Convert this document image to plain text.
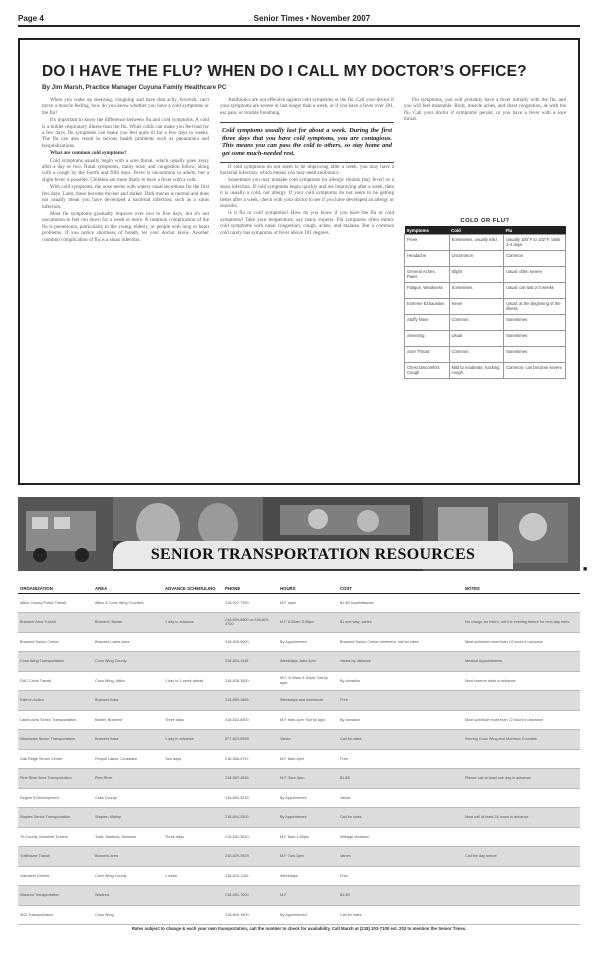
Page 4	Senior Times • November 2007
DO I HAVE THE FLU? WHEN DO I CALL MY DOCTOR’S OFFICE?
By Jim Marsh, Practice Manager Cuyuna Family Healthcare PC

When you wake up sneezing, coughing and have that achy, feverish, can't move a muscle feeling, how do you know whether you have a cold symptoms or the flu?

It's important to know the difference between flu and cold symptoms. A cold is a milder respiratory illness than the flu. While colds can make you feel bad for a few days, flu symptoms can make you feel quite ill for a few days to weeks. The flu can also result in serious health problems such as pneumonia and hospitalizations.

What are common cold symptoms?

Cold symptoms usually begin with a sore throat, which usually goes away after a day or two. Nasal symptoms, runny nose, and congestion follow, along with a cough by the fourth and fifth days. Fever is uncommon in adults, but a slight fever is possible. Children are more likely to have a fever with a cold.

With cold symptoms, the nose teems with watery nasal secretions for the first few days. Later, these become thicker and darker. Dark mucus is normal and does not usually mean you have developed a bacterial infection, such as a sinus infection.

Most flu symptoms gradually improve over two to five days, but it's not uncommon to feel run down for a week or more. A common complication of the flu is pneumonia, particularly in the young, elderly, or people with lung or heart problems. If you notice shortness of breath, let your doctor know. Another common complication of flu is a sinus infection.

Antibiotics are not effective against cold symptoms or the flu. Call your doctor if your symptoms are severe or last longer than a week, or if you have a fever over 101, ear pain, or trouble breathing.

Cold symptoms usually last for about a week. During the first three days that you have cold symptoms, you are contagious. This means you can pass the cold to others, so stay home and get some much-needed rest.

If cold symptoms do not seem to be improving after a week, you may have a bacterial infection, which means you may need antibiotics.

Sometimes you may mistake cold symptoms for allergic rhinitis (hay fever) or a sinus infection. If cold symptoms begin quickly and are improving after a week, then it is usually a cold, not allergy. If your cold symptoms do not seem to be getting better after a week, check with your doctor to see if you have developed an allergy or sinusitis.

Is it flu or cold symptoms? How do you know if you have the flu or cold symptoms? Take your temperature, say many experts. Flu symptoms often mimic cold symptoms with nasal congestion, cough, aches, and malaise. But a common cold rarely has symptoms of fever above 101 degrees.

Flu symptoms, you will probably have a fever initially with the flu, and you will feel miserable. Body, muscle aches, and chest congestion, as with the flu. Call your doctor if symptoms persist, or you have a fever with a sore throat.

COLD OR FLU?
Symptoms	Cold	Flu
Fever	Sometimes, usually mild	Usually 100°F to 102°F; lasts 3-4 days
Headache	Uncommon	Common
General Aches, Pains	Slight	Usual; often severe
Fatigue, Weakness	Sometimes	Usual; can last 2-3 weeks
Extreme Exhaustion	Never	Usual; at the beginning of the illness
Stuffy Nose	Common	Sometimes
Sneezing	Usual	Sometimes
Sore Throat	Common	Sometimes
Chest Discomfort, Cough	Mild to moderate; hacking cough	Common; can become severe
SENIOR TRANSPORTATION RESOURCES
■
ORGANIZATION	AREA	ADVANCE SCHEDULING	PHONE	HOURS	COST		NOTES
Aitkin County Public Transit	Aitkin & Crow Wing Counties		218-927-7100	M-F open	$1-$5 local/distance		
Brainerd Area Transit	Brainerd, Baxter	1 day in advance	218-829-8900 or 218-829-4700	M-F 6:30am-5:30pm	$1 one way; varies		No charge for riders; call the evening before for next-day rides
Brainerd Senior Center	Brainerd Lakes Area		218-829-5600	By Appointment	Brainerd Senior Center members; call for rates		Must schedule more than 24 hours in advance
Crow Wing Transportation	Crow Wing County		218-824-1145	Weekdays, 8am-4pm	Varies by distance		Medical Appointments
DAC Circle Transit	Crow Wing, Aitkin	1 day to 1 week ahead	218-828-3900	M-F, 8:30am-4:30pm; Sat by appt	By donation		Must reserve rides in advance
Faith in Action	Brainerd Area		218-855-1655	Weekdays and weekends	Free		
Lakes Area Senior Transportation	Baxter, Brainerd	Three days	218-822-6500	M-F 9am-4pm; Sat by appt	By donation		Must schedule more than 72 hours in advance
Minnesota Senior Transportation	Brainerd Area	1 day in advance	877-823-9993	Varies	Call for rates		Serving Crow Wing and Morrison Counties
Oak Ridge Senior Center	Pequot Lakes, Crosslake	Two days	218-568-4747	M-F 8am-4pm	Free		
Pine River Area Transportation	Pine River		218-587-4555	M-F, 8am-5pm	$1-$5		Please call at least one day in advance
Region 5 Development	Cass County		218-894-3233	By Appointment	Varies		
Staples Senior Transportation	Staples, Motley		218-894-2500	By Appointment	Call for rates		Must call at least 24 hours in advance
Tri-County Volunteer Drivers	Todd, Wadena, Morrison	Three days	218-631-3510	M-F 8am-4:30pm	Mileage donation		
Trailblazer Transit	Brainerd area		218-829-3929	M-F 7am-5pm	Varies		Call the day before
Volunteer Drivers	Crow Wing County	1 week	218-824-1140	Weekdays	Free		
Wadena Transportation	Wadena		218-631-7600	M-F	$1-$3		
WCI Transportation	Crow Wing		218-829-1900	By Appointment	Call for rates		
Rates subject to change & each your own transportation, call the number to check for availability. Call Marsh at (218) 203-7100 ext. 202 to mention the Senior Times.
